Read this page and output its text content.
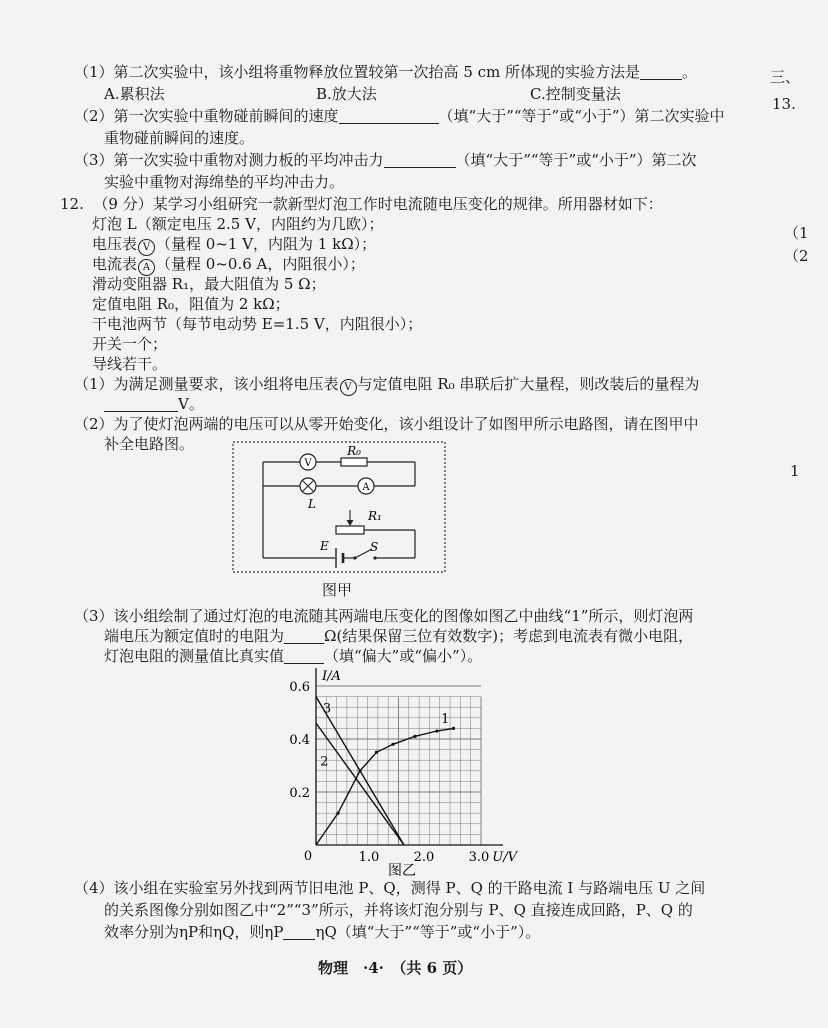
三、
13.
（1
（2
1
（1）第二次实验中，该小组将重物释放位置较第一次抬高 5 cm 所体现的实验方法是	。
A.累积法	B.放大法	C.控制变量法
（2）第一次实验中重物碰前瞬间的速度	（填“大于”“等于”或“小于”）第二次实验中
重物碰前瞬间的速度。
（3）第一次实验中重物对测力板的平均冲击力	（填“大于”“等于”或“小于”）第二次
实验中重物对海绵垫的平均冲击力。
12. （9 分）某学习小组研究一款新型灯泡工作时电流随电压变化的规律。所用器材如下：
灯泡 L（额定电压 2.5 V，内阻约为几欧）；
电压表 V （量程 0~1 V，内阻为 1 kΩ）；
电流表 A （量程 0~0.6 A，内阻很小）；
滑动变阻器 R₁，最大阻值为 5 Ω；
定值电阻 R₀，阻值为 2 kΩ；
干电池两节（每节电动势 E=1.5 V，内阻很小）；
开关一个；
导线若干。
（1）为满足测量要求，该小组将电压表 V 与定值电阻 R₀ 串联后扩大量程，则改装后的量程为
V。
（2）为了使灯泡两端的电压可以从零开始变化，该小组设计了如图甲所示电路图，请在图甲中
补全电路图。
V
R₀
L
A
R₁
E	S
图甲
（3）该小组绘制了通过灯泡的电流随其两端电压变化的图像如图乙中曲线“1”所示，则灯泡两
端电压为额定值时的电阻为	Ω(结果保留三位有效数字)；考虑到电流表有微小电阻，
灯泡电阻的测量值比真实值	（填“偏大”或“偏小”）。
1.0	2.0	3.0
0.2
0.4
0.6
0
I/A
U/V
图乙
1
2
3
（4）该小组在实验室另外找到两节旧电池 P、Q，测得 P、Q 的干路电流 I 与路端电压 U 之间
的关系图像分别如图乙中“2”“3”所示，并将该灯泡分别与 P、Q 直接连成回路，P、Q 的
效率分别为ηP和ηQ，则ηP ηQ（填“大于”“等于”或“小于”）。
物理　·4·　（共 6 页）
